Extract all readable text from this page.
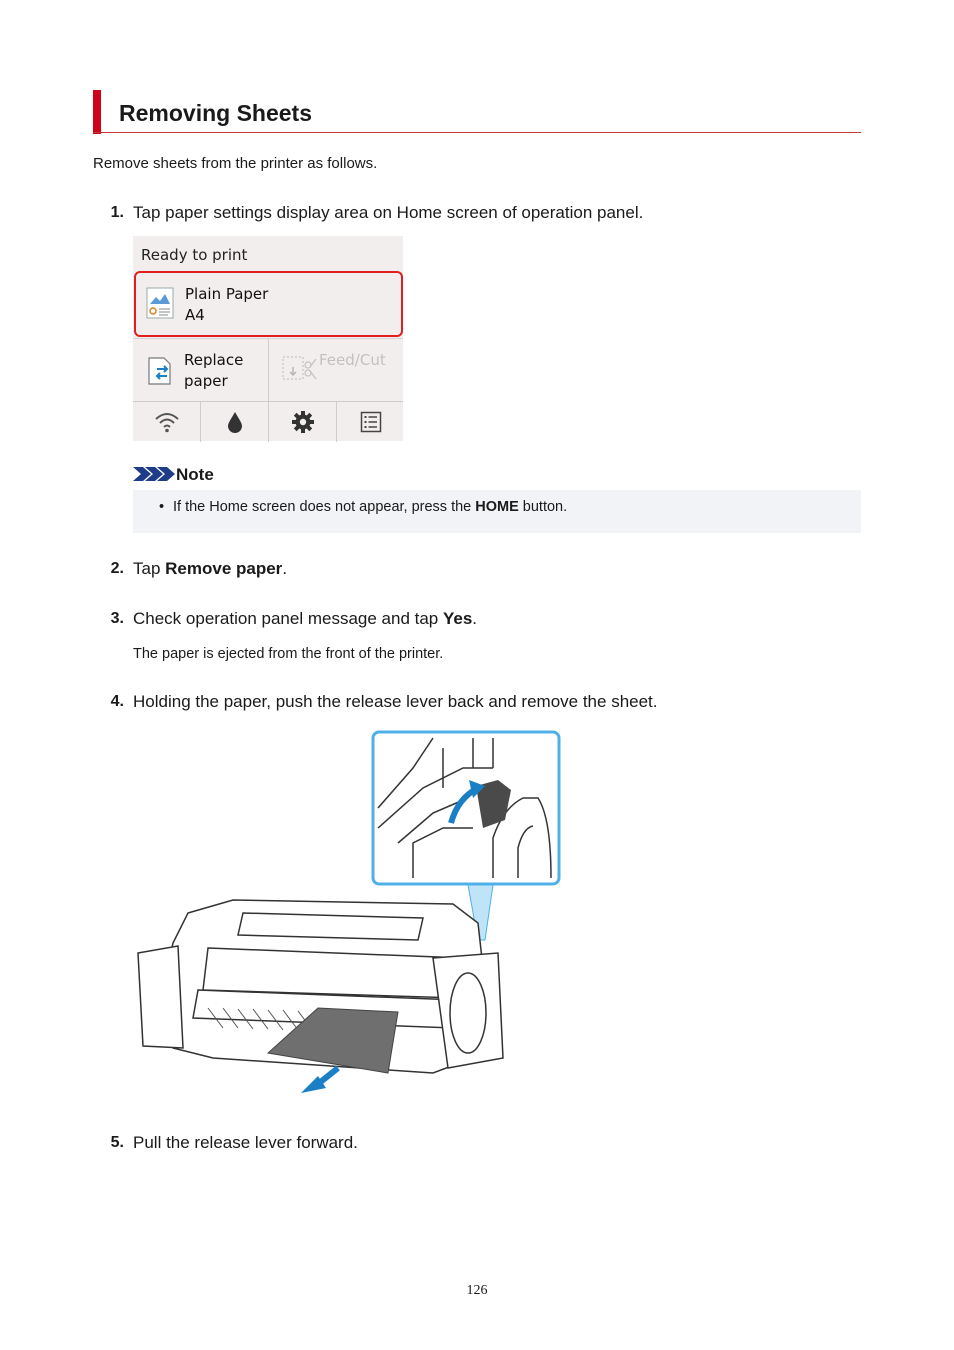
Removing Sheets
Remove sheets from the printer as follows.
1. Tap paper settings display area on Home screen of operation panel.
Ready to print
Plain Paper
A4
Replace
paper
Feed/Cut
Note
• If the Home screen does not appear, press the HOME button.
2. Tap Remove paper.
3. Check operation panel message and tap Yes.
The paper is ejected from the front of the printer.
4. Holding the paper, push the release lever back and remove the sheet.
5. Pull the release lever forward.
126
